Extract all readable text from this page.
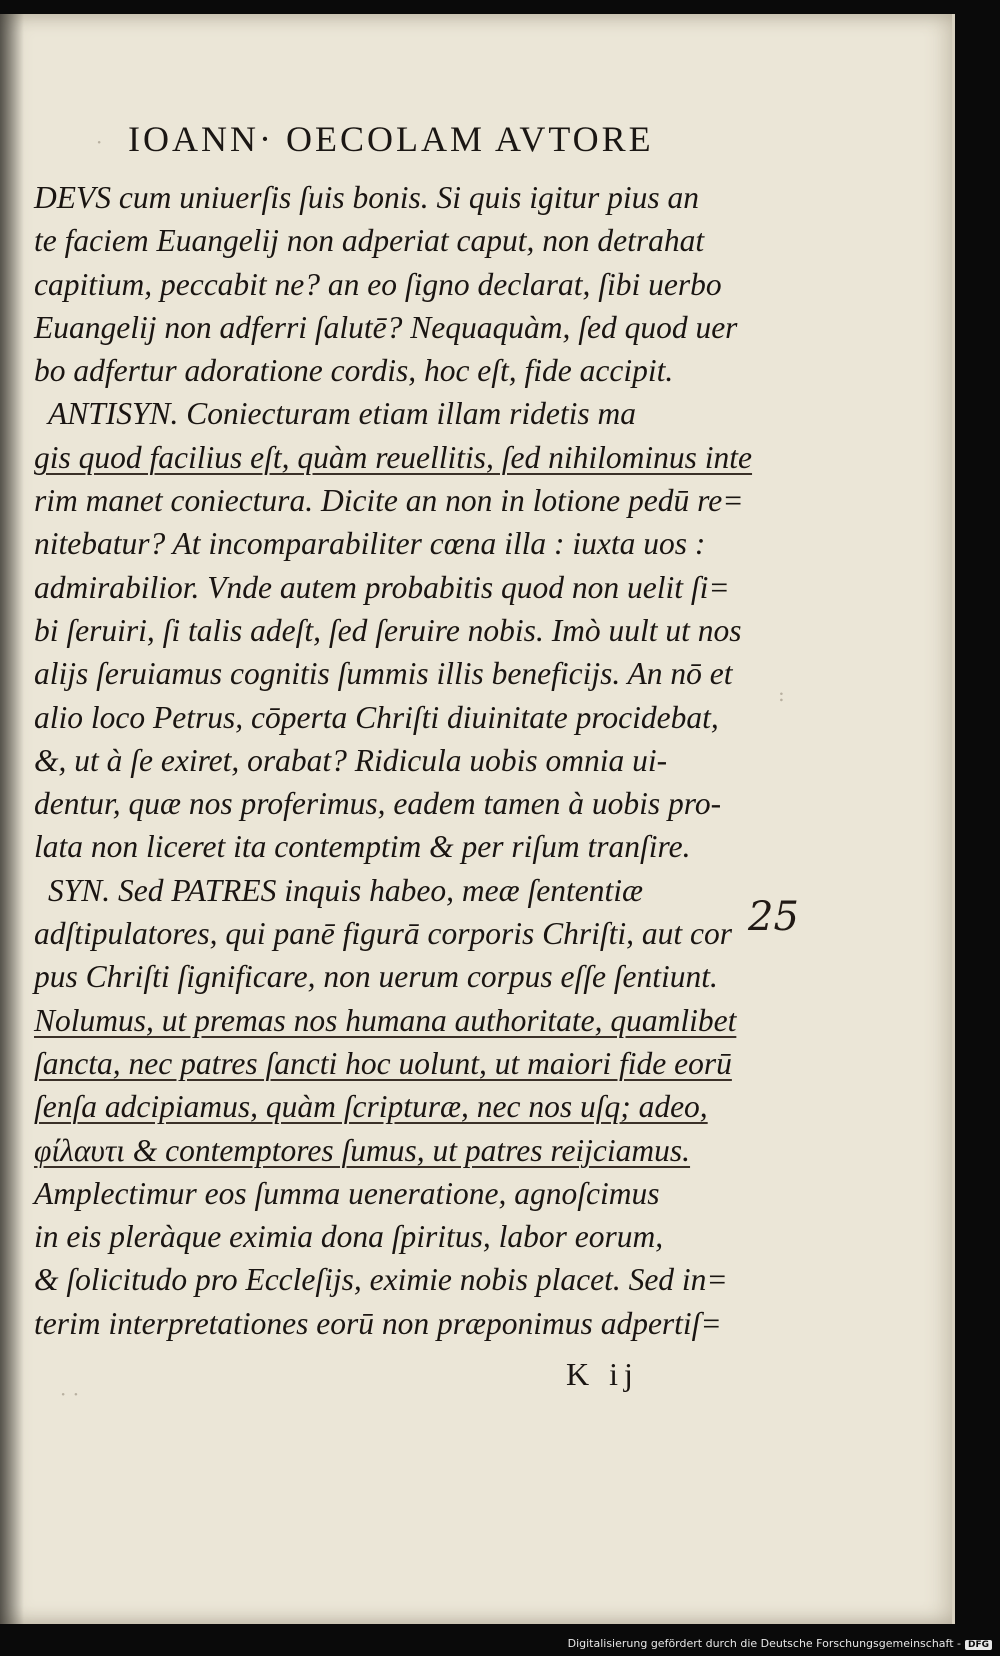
IOANN· OECOLAM AVTORE
DEVS cum uniuerſis ſuis bonis. Si quis igitur pius an
te faciem Euangelij non adperiat caput, non detrahat
capitium, peccabit ne? an eo ſigno declarat, ſibi uerbo
Euangelij non adferri ſalutē? Nequaquàm, ſed quod uer
bo adfertur adoratione cordis, hoc eſt, fide accipit.
ANTISYN. Coniecturam etiam illam ridetis ma
gis quod facilius eſt, quàm reuellitis, ſed nihilominus inte
rim manet coniectura. Dicite an non in lotione pedū re=
nitebatur? At incomparabiliter cœna illa : iuxta uos :
admirabilior. Vnde autem probabitis quod non uelit ſi=
bi ſeruiri, ſi talis adeſt, ſed ſeruire nobis. Imò uult ut nos
alijs ſeruiamus cognitis ſummis illis beneficijs. An nō et
alio loco Petrus, cōperta Chriſti diuinitate procidebat,
&, ut à ſe exiret, orabat? Ridicula uobis omnia ui-
dentur, quæ nos proferimus, eadem tamen à uobis pro-
lata non liceret ita contemptim & per riſum tranſire.
SYN. Sed PATRES inquis habeo, meæ ſententiæ
adſtipulatores, qui panē figurā corporis Chriſti, aut cor
pus Chriſti ſignificare, non uerum corpus eſſe ſentiunt.
Nolumus, ut premas nos humana authoritate, quamlibet
ſancta, nec patres ſancti hoc uolunt, ut maiori fide eorū
ſenſa adcipiamus, quàm ſcripturæ, nec nos uſq; adeo,
φίλαυτι & contemptores ſumus, ut patres reijciamus.
Amplectimur eos ſumma ueneratione, agnoſcimus
in eis pleràque eximia dona ſpiritus, labor eorum,
& ſolicitudo pro Eccleſijs, eximie nobis placet. Sed in=
terim interpretationes eorū non præponimus adpertiſ=
25
K ij
·
:
· ·
Digitalisierung gefördert durch die Deutsche Forschungsgemeinschaft - DFG
